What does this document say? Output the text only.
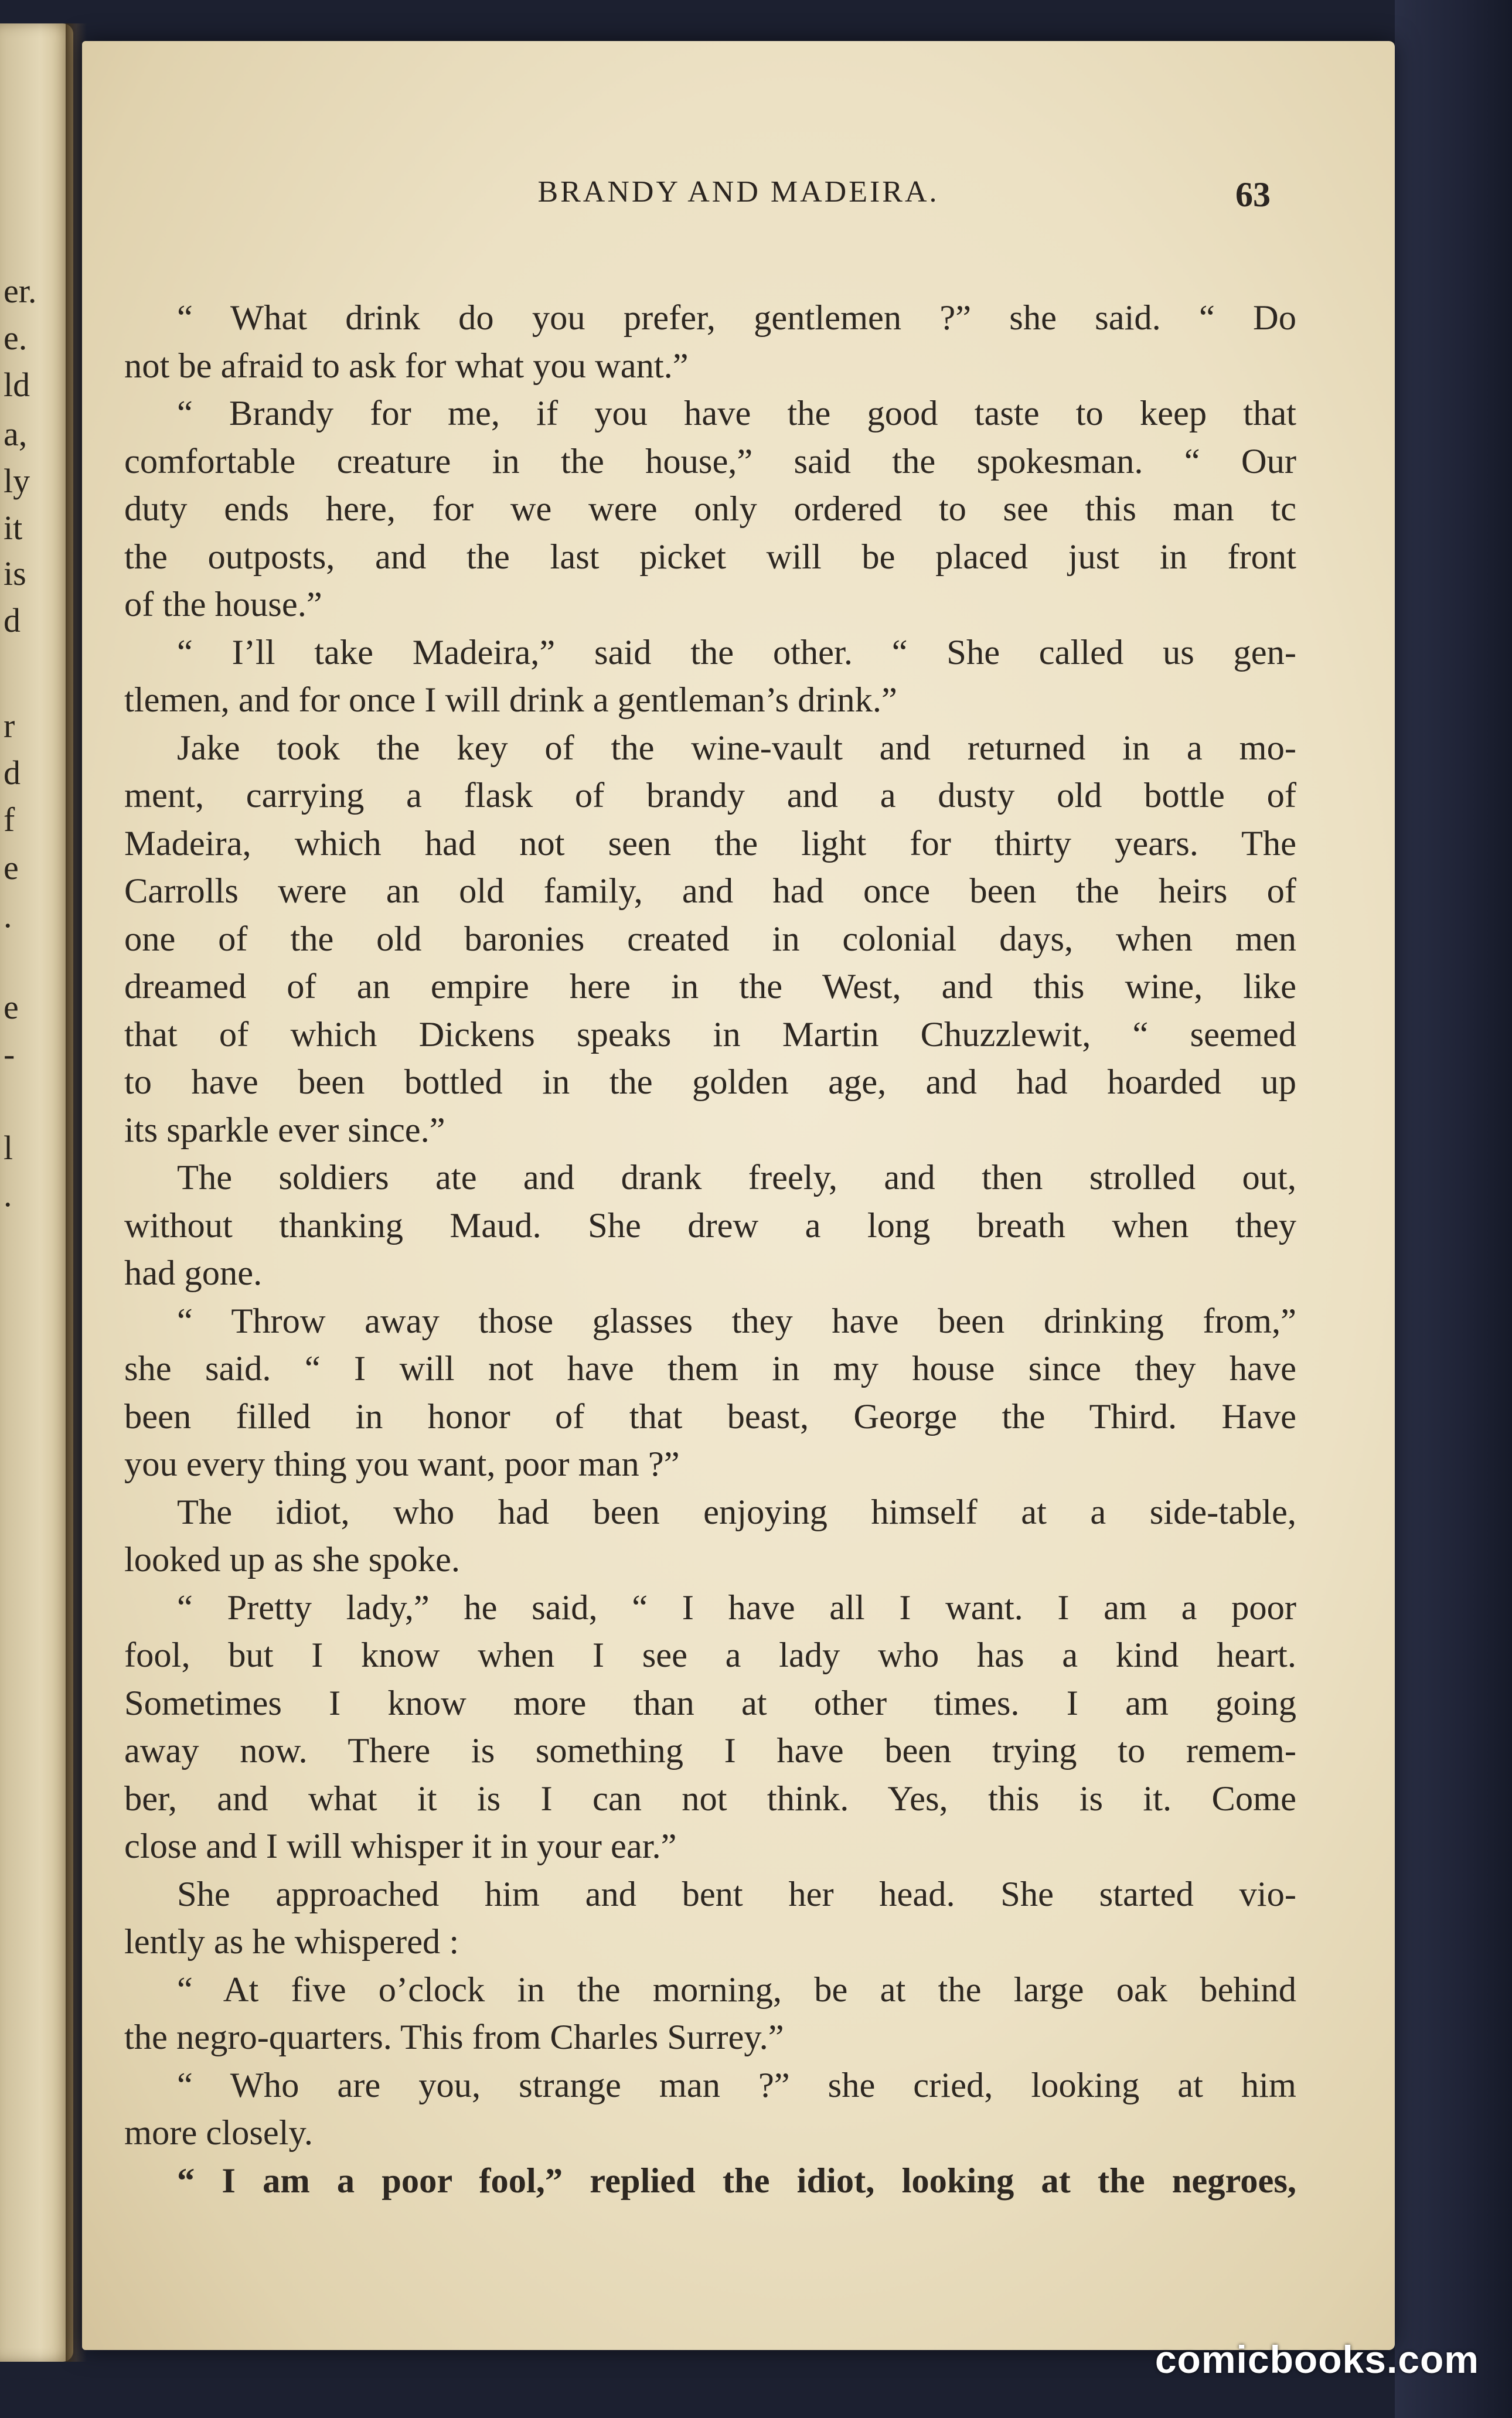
er.
e.
ld
a,
ly
it
is
d
r
d
f
e
.
e
-
l
.
BRANDY AND MADEIRA.	63
“ What drink do you prefer, gentlemen ?” she said. “ Do
not be afraid to ask for what you want.”
“ Brandy for me, if you have the good taste to keep that
comfortable creature in the house,” said the spokesman. “ Our
duty ends here, for we were only ordered to see this man tc
the outposts, and the last picket will be placed just in front
of the house.”
“ I’ll take Madeira,” said the other. “ She called us gen-
tlemen, and for once I will drink a gentleman’s drink.”
Jake took the key of the wine-vault and returned in a mo-
ment, carrying a flask of brandy and a dusty old bottle of
Madeira, which had not seen the light for thirty years. The
Carrolls were an old family, and had once been the heirs of
one of the old baronies created in colonial days, when men
dreamed of an empire here in the West, and this wine, like
that of which Dickens speaks in Martin Chuzzlewit, “ seemed
to have been bottled in the golden age, and had hoarded up
its sparkle ever since.”
The soldiers ate and drank freely, and then strolled out,
without thanking Maud. She drew a long breath when they
had gone.
“ Throw away those glasses they have been drinking from,”
she said. “ I will not have them in my house since they have
been filled in honor of that beast, George the Third. Have
you every thing you want, poor man ?”
The idiot, who had been enjoying himself at a side-table,
looked up as she spoke.
“ Pretty lady,” he said, “ I have all I want. I am a poor
fool, but I know when I see a lady who has a kind heart.
Sometimes I know more than at other times. I am going
away now. There is something I have been trying to remem-
ber, and what it is I can not think. Yes, this is it. Come
close and I will whisper it in your ear.”
She approached him and bent her head. She started vio-
lently as he whispered :
“ At five o’clock in the morning, be at the large oak behind
the negro-quarters. This from Charles Surrey.”
“ Who are you, strange man ?” she cried, looking at him
more closely.
“ I am a poor fool,” replied the idiot, looking at the negroes,
comicbooks.com
